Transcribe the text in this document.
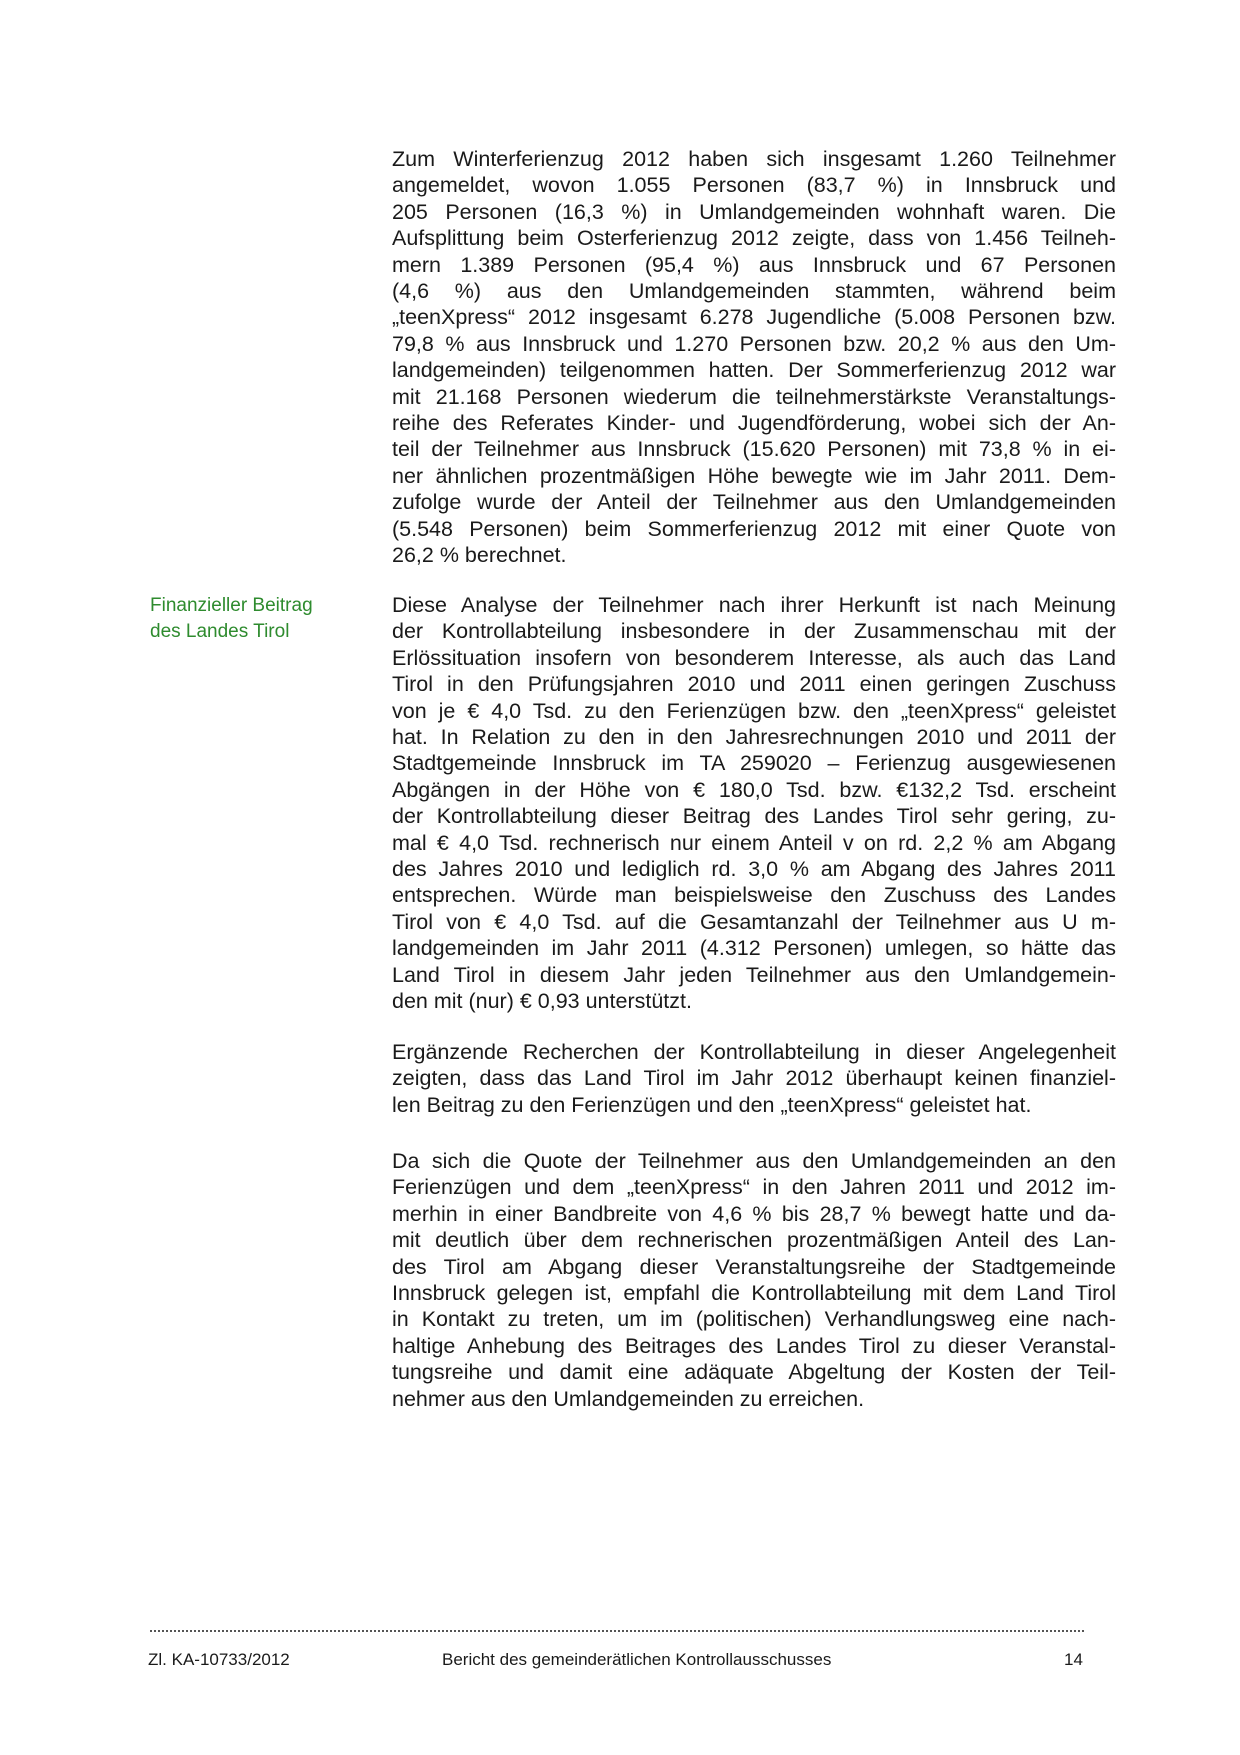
Finanzieller Beitrag
des Landes Tirol
Zum Winterferienzug 2012 haben sich insgesamt 1.260 Teilnehmer
angemeldet, wovon 1.055 Personen (83,7 %) in Innsbruck und
205 Personen (16,3 %) in Umlandgemeinden wohnhaft waren. Die
Aufsplittung beim Osterferienzug 2012 zeigte, dass von 1.456 Teilneh-
mern 1.389 Personen (95,4 %) aus Innsbruck und 67 Personen
(4,6 %) aus den Umlandgemeinden stammten, während beim
„teenXpress“ 2012 insgesamt 6.278 Jugendliche (5.008 Personen bzw.
79,8 % aus Innsbruck und 1.270 Personen bzw. 20,2 % aus den Um-
landgemeinden) teilgenommen hatten. Der Sommerferienzug 2012 war
mit 21.168 Personen wiederum die teilnehmerstärkste Veranstaltungs-
reihe des Referates Kinder- und Jugendförderung, wobei sich der An-
teil der Teilnehmer aus Innsbruck (15.620 Personen) mit 73,8 % in ei-
ner ähnlichen prozentmäßigen Höhe bewegte wie im Jahr 2011. Dem-
zufolge wurde der Anteil der Teilnehmer aus den Umlandgemeinden
(5.548 Personen) beim Sommerferienzug 2012 mit einer Quote von
26,2 % berechnet.
Diese Analyse der Teilnehmer nach ihrer Herkunft ist nach Meinung
der Kontrollabteilung insbesondere in der Zusammenschau mit der
Erlössituation insofern von besonderem Interesse, als auch das Land
Tirol in den Prüfungsjahren 2010 und 2011 einen geringen Zuschuss
von je € 4,0 Tsd. zu den Ferienzügen bzw. den „teenXpress“ geleistet
hat. In Relation zu den in den Jahresrechnungen 2010 und 2011 der
Stadtgemeinde Innsbruck im TA 259020 – Ferienzug ausgewiesenen
Abgängen in der Höhe von € 180,0 Tsd. bzw. €132,2 Tsd. erscheint
der Kontrollabteilung dieser Beitrag des Landes Tirol sehr gering, zu-
mal € 4,0 Tsd. rechnerisch nur einem Anteil v on rd. 2,2 % am Abgang
des Jahres 2010 und lediglich rd. 3,0 % am Abgang des Jahres 2011
entsprechen. Würde man beispielsweise den Zuschuss des Landes
Tirol von € 4,0 Tsd. auf die Gesamtanzahl der Teilnehmer aus U m-
landgemeinden im Jahr 2011 (4.312 Personen) umlegen, so hätte das
Land Tirol in diesem Jahr jeden Teilnehmer aus den Umlandgemein-
den mit (nur) € 0,93 unterstützt.
Ergänzende Recherchen der Kontrollabteilung in dieser Angelegenheit
zeigten, dass das Land Tirol im Jahr 2012 überhaupt keinen finanziel-
len Beitrag zu den Ferienzügen und den „teenXpress“ geleistet hat.
Da sich die Quote der Teilnehmer aus den Umlandgemeinden an den
Ferienzügen und dem „teenXpress“ in den Jahren 2011 und 2012 im-
merhin in einer Bandbreite von 4,6 % bis 28,7 % bewegt hatte und da-
mit deutlich über dem rechnerischen prozentmäßigen Anteil des Lan-
des Tirol am Abgang dieser Veranstaltungsreihe der Stadtgemeinde
Innsbruck gelegen ist, empfahl die Kontrollabteilung mit dem Land Tirol
in Kontakt zu treten, um im (politischen) Verhandlungsweg eine nach-
haltige Anhebung des Beitrages des Landes Tirol zu dieser Veranstal-
tungsreihe und damit eine adäquate Abgeltung der Kosten der Teil-
nehmer aus den Umlandgemeinden zu erreichen.
Zl. KA-10733/2012	Bericht des gemeinderätlichen Kontrollausschusses	14
